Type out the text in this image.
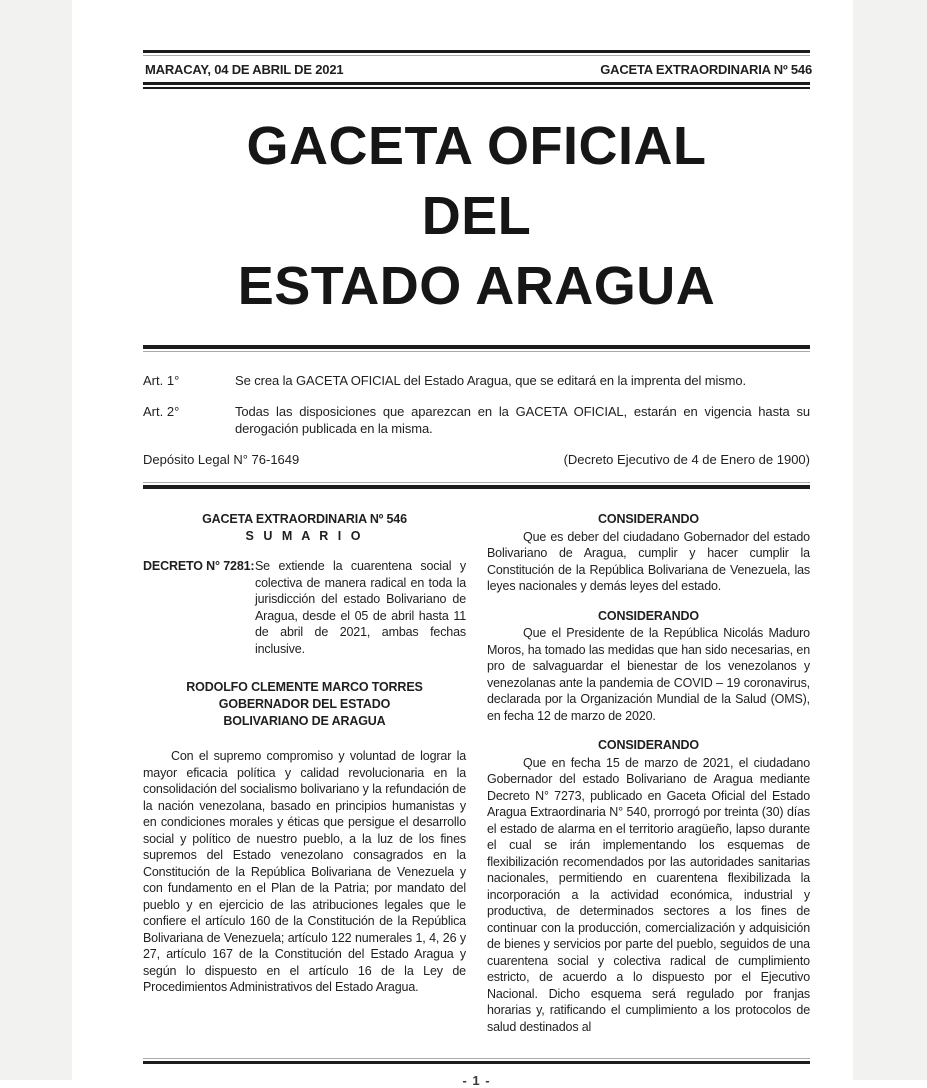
MARACAY, 04 DE ABRIL DE 2021	GACETA EXTRAORDINARIA Nº 546
GACETA OFICIAL
DEL
ESTADO ARAGUA
Art. 1°	Se crea la GACETA OFICIAL del Estado Aragua, que se editará en la imprenta del mismo.
Art. 2°	Todas las disposiciones que aparezcan en la GACETA OFICIAL, estarán en vigencia hasta su derogación publicada en la misma.
Depósito Legal N° 76-1649	(Decreto Ejecutivo de 4 de Enero de 1900)
GACETA EXTRAORDINARIA Nº 546
S U M A R I O
DECRETO N° 7281: Se extiende la cuarentena social y colectiva de manera radical en toda la jurisdicción del estado Bolivariano de Aragua, desde el 05 de abril hasta 11 de abril de 2021, ambas fechas inclusive.
RODOLFO CLEMENTE MARCO TORRES
GOBERNADOR DEL ESTADO
BOLIVARIANO DE ARAGUA
Con el supremo compromiso y voluntad de lograr la mayor eficacia política y calidad revolucionaria en la consolidación del socialismo bolivariano y la refundación de la nación venezolana, basado en principios humanistas y en condiciones morales y éticas que persigue el desarrollo social y político de nuestro pueblo, a la luz de los fines supremos del Estado venezolano consagrados en la Constitución de la República Bolivariana de Venezuela y con fundamento en el Plan de la Patria; por mandato del pueblo y en ejercicio de las atribuciones legales que le confiere el artículo 160 de la Constitución de la República Bolivariana de Venezuela; artículo 122 numerales 1, 4, 26 y 27, artículo 167 de la Constitución del Estado Aragua y según lo dispuesto en el artículo 16 de la Ley de Procedimientos Administrativos del Estado Aragua.
CONSIDERANDO
Que es deber del ciudadano Gobernador del estado Bolivariano de Aragua, cumplir y hacer cumplir la Constitución de la República Bolivariana de Venezuela, las leyes nacionales y demás leyes del estado.
CONSIDERANDO
Que el Presidente de la República Nicolás Maduro Moros, ha tomado las medidas que han sido necesarias, en pro de salvaguardar el bienestar de los venezolanos y venezolanas ante la pandemia de COVID – 19 coronavirus, declarada por la Organización Mundial de la Salud (OMS), en fecha 12 de marzo de 2020.
CONSIDERANDO
Que en fecha 15 de marzo de 2021, el ciudadano Gobernador del estado Bolivariano de Aragua mediante Decreto N° 7273, publicado en Gaceta Oficial del Estado Aragua Extraordinaria N° 540, prorrogó por treinta (30) días el estado de alarma en el territorio aragüeño, lapso durante el cual se irán implementando los esquemas de flexibilización recomendados por las autoridades sanitarias nacionales, permitiendo en cuarentena flexibilizada la incorporación a la actividad económica, industrial y productiva, de determinados sectores a los fines de continuar con la producción, comercialización y adquisición de bienes y servicios por parte del pueblo, seguidos de una cuarentena social y colectiva radical de cumplimiento estricto, de acuerdo a lo dispuesto por el Ejecutivo Nacional. Dicho esquema será regulado por franjas horarias y, ratificando el cumplimiento a los protocolos de salud destinados al
- 1 -
